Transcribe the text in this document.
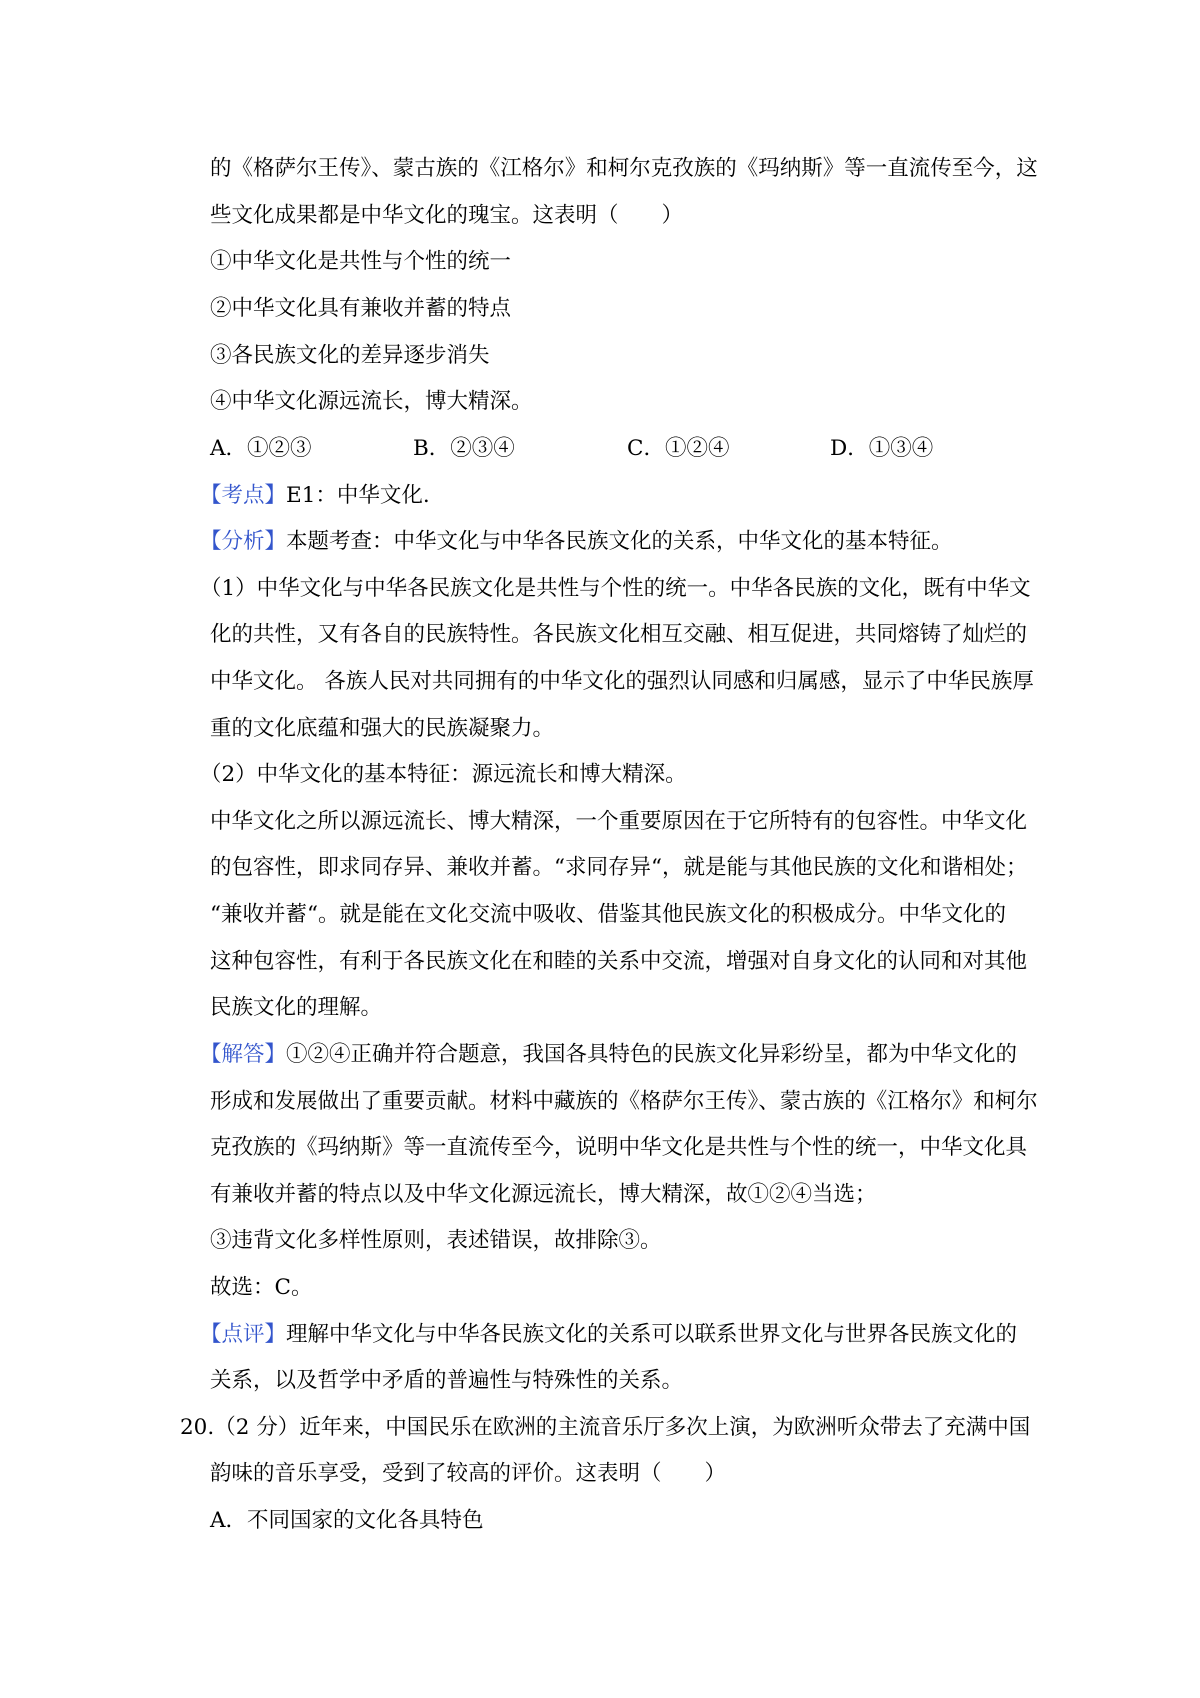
的《格萨尔王传》、蒙古族的《江格尔》和柯尔克孜族的《玛纳斯》等一直流传至今，这
些文化成果都是中华文化的瑰宝。这表明（　　）
①中华文化是共性与个性的统一
②中华文化具有兼收并蓄的特点
③各民族文化的差异逐步消失
④中华文化源远流长，博大精深。
A．①②③	B．②③④	C．①②④	D．①③④
【考点】E1：中华文化.
【分析】本题考查：中华文化与中华各民族文化的关系，中华文化的基本特征。
（1）中华文化与中华各民族文化是共性与个性的统一。中华各民族的文化，既有中华文
化的共性，又有各自的民族特性。各民族文化相互交融、相互促进，共同熔铸了灿烂的
中华文化。 各族人民对共同拥有的中华文化的强烈认同感和归属感，显示了中华民族厚
重的文化底蕴和强大的民族凝聚力。
（2）中华文化的基本特征：源远流长和博大精深。
中华文化之所以源远流长、博大精深，一个重要原因在于它所特有的包容性。中华文化
的包容性，即求同存异、兼收并蓄。“求同存异“，就是能与其他民族的文化和谐相处；
“兼收并蓄“。就是能在文化交流中吸收、借鉴其他民族文化的积极成分。中华文化的
这种包容性，有利于各民族文化在和睦的关系中交流，增强对自身文化的认同和对其他
民族文化的理解。
【解答】①②④正确并符合题意，我国各具特色的民族文化异彩纷呈，都为中华文化的
形成和发展做出了重要贡献。材料中藏族的《格萨尔王传》、蒙古族的《江格尔》和柯尔
克孜族的《玛纳斯》等一直流传至今，说明中华文化是共性与个性的统一，中华文化具
有兼收并蓄的特点以及中华文化源远流长，博大精深，故①②④当选；
③违背文化多样性原则，表述错误，故排除③。
故选：C。
【点评】理解中华文化与中华各民族文化的关系可以联系世界文化与世界各民族文化的
关系，以及哲学中矛盾的普遍性与特殊性的关系。
20.（2 分）近年来，中国民乐在欧洲的主流音乐厅多次上演，为欧洲听众带去了充满中国
韵味的音乐享受，受到了较高的评价。这表明（　　）
A．不同国家的文化各具特色
